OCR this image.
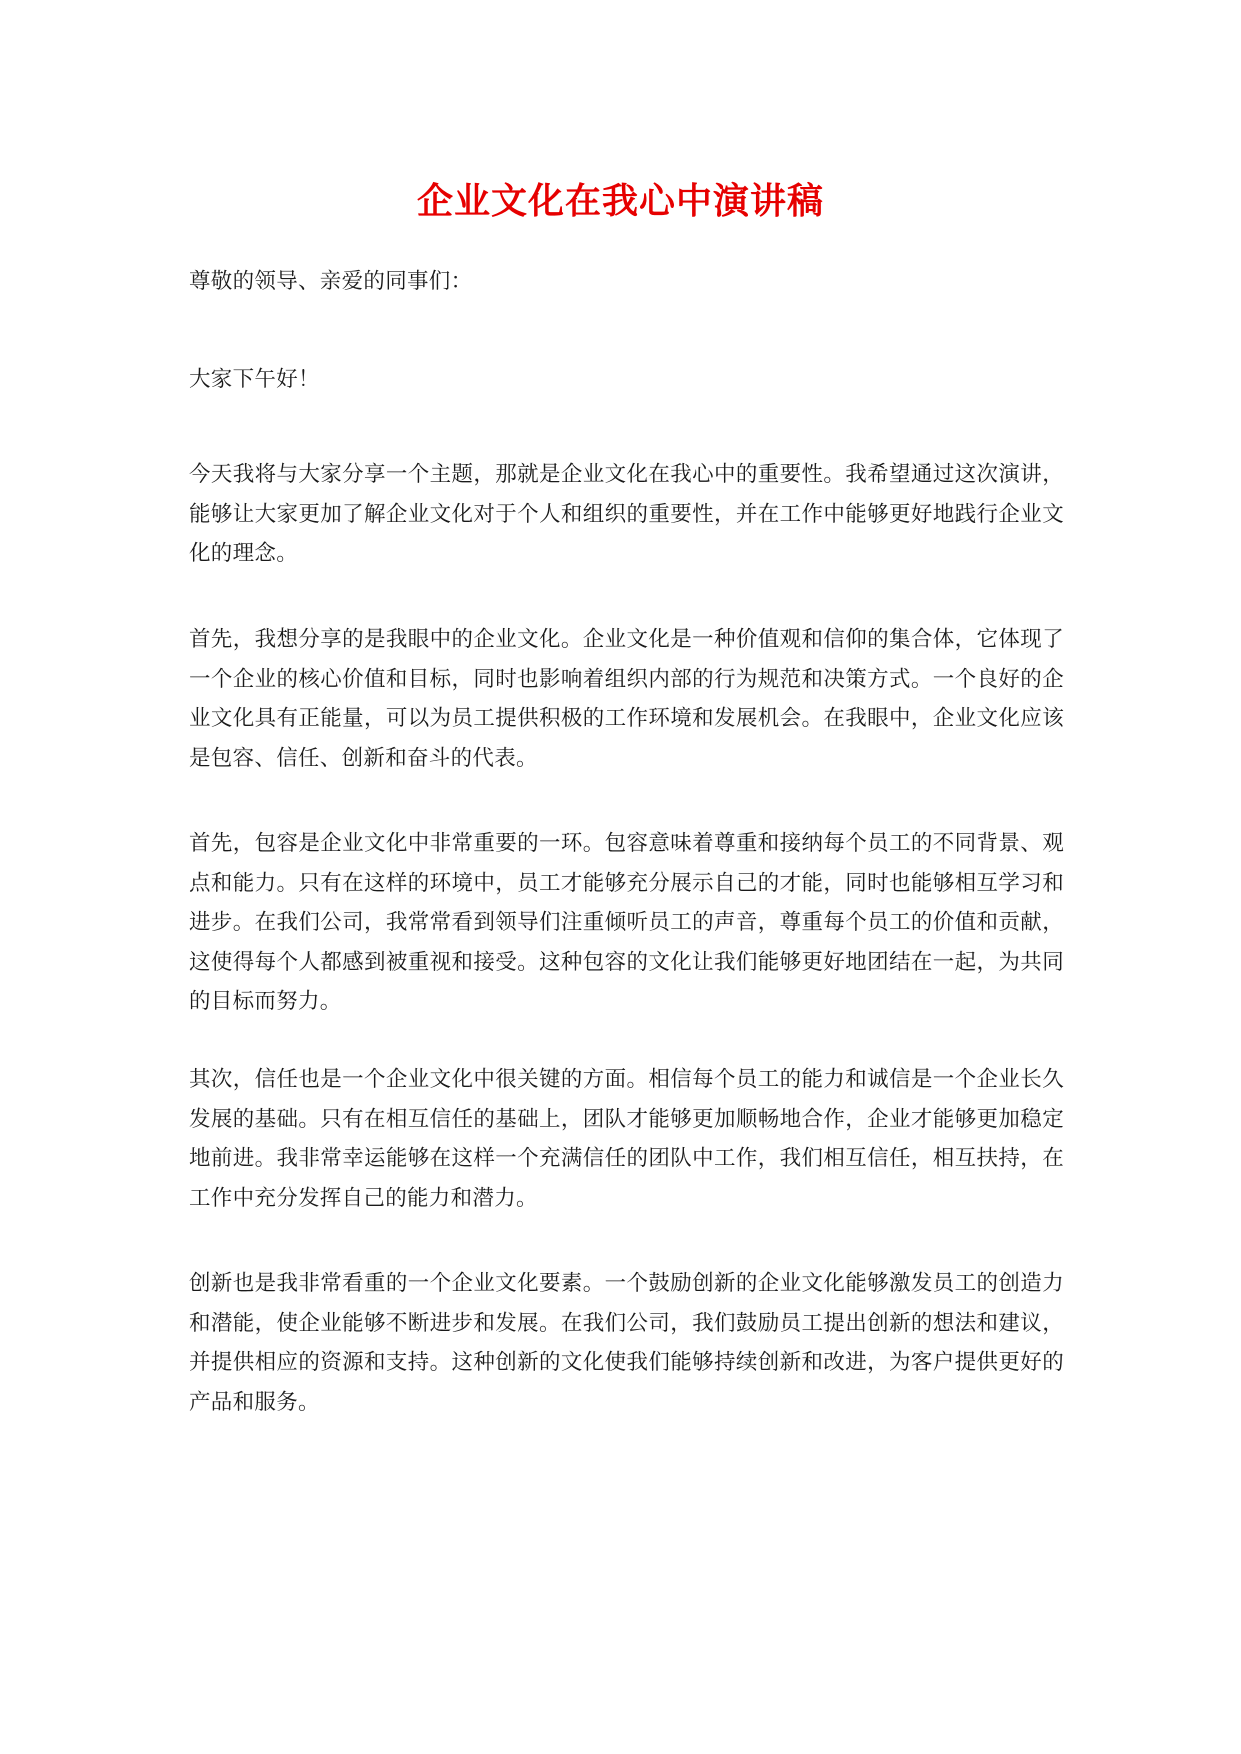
企业文化在我心中演讲稿

尊敬的领导、亲爱的同事们：

大家下午好！

今天我将与大家分享一个主题，那就是企业文化在我心中的重要性。我希望通过这次演讲，能够让大家更加了解企业文化对于个人和组织的重要性，并在工作中能够更好地践行企业文化的理念。

首先，我想分享的是我眼中的企业文化。企业文化是一种价值观和信仰的集合体，它体现了一个企业的核心价值和目标，同时也影响着组织内部的行为规范和决策方式。一个良好的企业文化具有正能量，可以为员工提供积极的工作环境和发展机会。在我眼中，企业文化应该是包容、信任、创新和奋斗的代表。

首先，包容是企业文化中非常重要的一环。包容意味着尊重和接纳每个员工的不同背景、观点和能力。只有在这样的环境中，员工才能够充分展示自己的才能，同时也能够相互学习和进步。在我们公司，我常常看到领导们注重倾听员工的声音，尊重每个员工的价值和贡献，这使得每个人都感到被重视和接受。这种包容的文化让我们能够更好地团结在一起，为共同的目标而努力。

其次，信任也是一个企业文化中很关键的方面。相信每个员工的能力和诚信是一个企业长久发展的基础。只有在相互信任的基础上，团队才能够更加顺畅地合作，企业才能够更加稳定地前进。我非常幸运能够在这样一个充满信任的团队中工作，我们相互信任，相互扶持，在工作中充分发挥自己的能力和潜力。

创新也是我非常看重的一个企业文化要素。一个鼓励创新的企业文化能够激发员工的创造力和潜能，使企业能够不断进步和发展。在我们公司，我们鼓励员工提出创新的想法和建议，并提供相应的资源和支持。这种创新的文化使我们能够持续创新和改进，为客户提供更好的产品和服务。
